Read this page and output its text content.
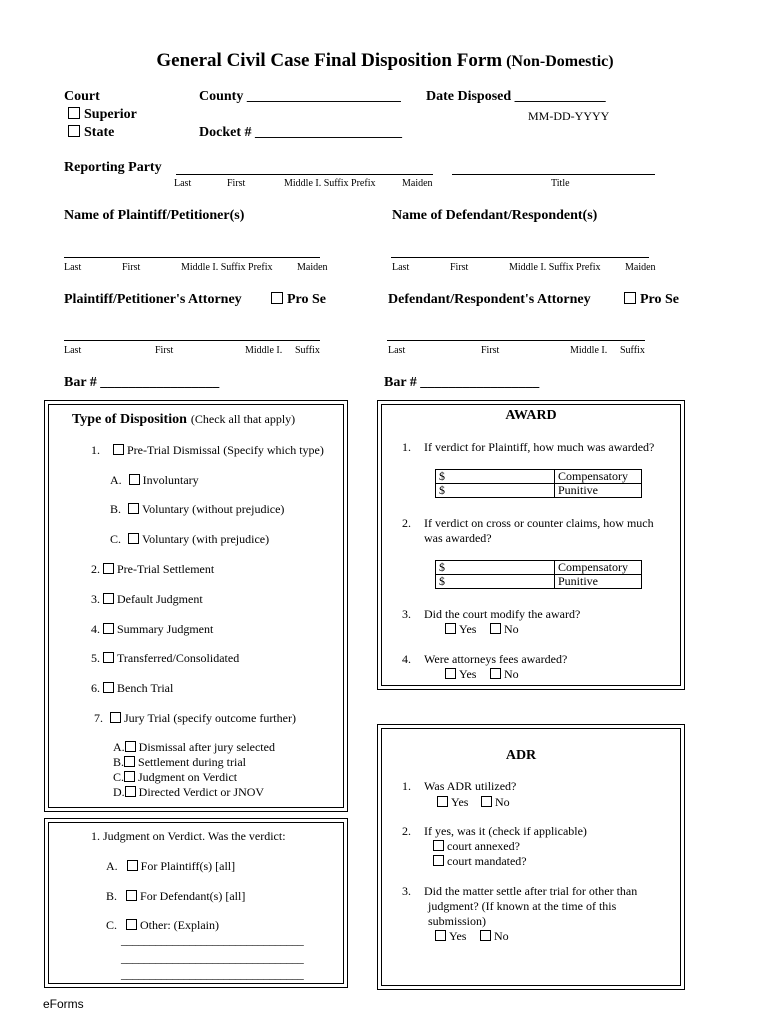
General Civil Case Final Disposition Form (Non-Domestic)
Court
Superior
State
County ______________________
Docket # _____________________
Date Disposed _____________
MM-DD-YYYY
Reporting Party
Last	First	Middle I. Suffix Prefix	Maiden	Title
Name of Plaintiff/Petitioner(s)	Name of Defendant/Respondent(s)
Last	First	Middle I. Suffix Prefix Maiden	Last	First	Middle I. Suffix Prefix Maiden
Plaintiff/Petitioner's Attorney	Pro Se	Defendant/Respondent's Attorney	Pro Se
Last	First	Middle I. Suffix	Last	First	Middle I. Suffix
Bar # _________________	Bar # _________________
Type of Disposition (Check all that apply)
1. Pre-Trial Dismissal (Specify which type)
A. Involuntary
B. Voluntary (without prejudice)
C. Voluntary (with prejudice)
2. Pre-Trial Settlement
3. Default Judgment
4. Summary Judgment
5. Transferred/Consolidated
6. Bench Trial
7. Jury Trial (specify outcome further)
A. Dismissal after jury selected
B. Settlement during trial
C. Judgment on Verdict
D. Directed Verdict or JNOV
1. Judgment on Verdict. Was the verdict:
A. For Plaintiff(s) [all]
B. For Defendant(s) [all]
C. Other: (Explain)
________________________________
________________________________
________________________________
AWARD
1. If verdict for Plaintiff, how much was awarded?
$	Compensatory
$	Punitive
2. If verdict on cross or counter claims, how much
was awarded?
$	Compensatory
$	Punitive
3. Did the court modify the award?
Yes	No
4. Were attorneys fees awarded?
Yes	No
ADR
1. Was ADR utilized?
Yes	No
2. If yes, was it (check if applicable)
court annexed?
court mandated?
3. Did the matter settle after trial for other than
judgment? (If known at the time of this
submission)
Yes	No
eForms
